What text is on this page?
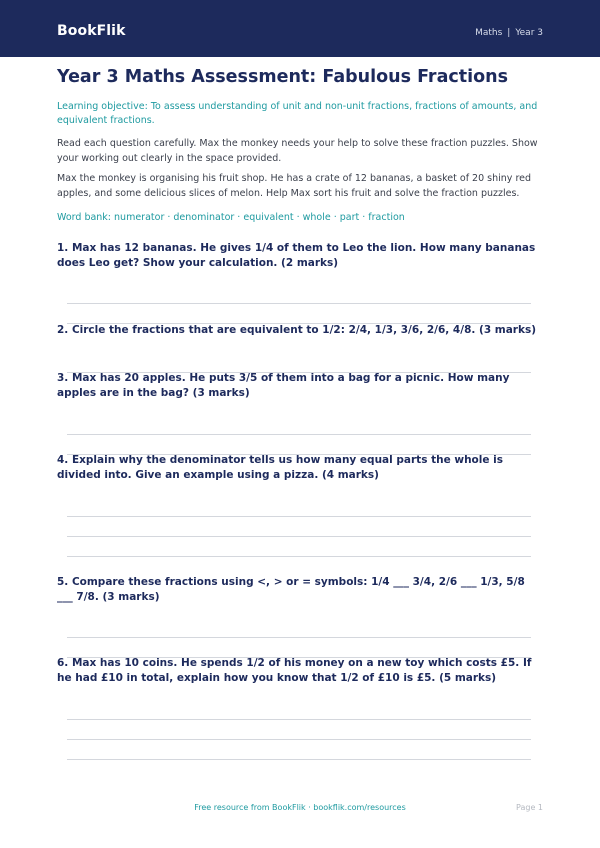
BookFlik	Maths | Year 3
Year 3 Maths Assessment: Fabulous Fractions
Learning objective: To assess understanding of unit and non-unit fractions, fractions of amounts, and equivalent fractions.
Read each question carefully. Max the monkey needs your help to solve these fraction puzzles. Show your working out clearly in the space provided.
Max the monkey is organising his fruit shop. He has a crate of 12 bananas, a basket of 20 shiny red apples, and some delicious slices of melon. Help Max sort his fruit and solve the fraction puzzles.
Word bank: numerator · denominator · equivalent · whole · part · fraction
1. Max has 12 bananas. He gives 1/4 of them to Leo the lion. How many bananas does Leo get? Show your calculation. (2 marks)
2. Circle the fractions that are equivalent to 1/2: 2/4, 1/3, 3/6, 2/6, 4/8. (3 marks)
3. Max has 20 apples. He puts 3/5 of them into a bag for a picnic. How many apples are in the bag? (3 marks)
4. Explain why the denominator tells us how many equal parts the whole is divided into. Give an example using a pizza. (4 marks)
5. Compare these fractions using <, > or = symbols: 1/4 ___ 3/4, 2/6 ___ 1/3, 5/8 ___ 7/8. (3 marks)
6. Max has 10 coins. He spends 1/2 of his money on a new toy which costs £5. If he had £10 in total, explain how you know that 1/2 of £10 is £5. (5 marks)
Free resource from BookFlik · bookflik.com/resources	Page 1
